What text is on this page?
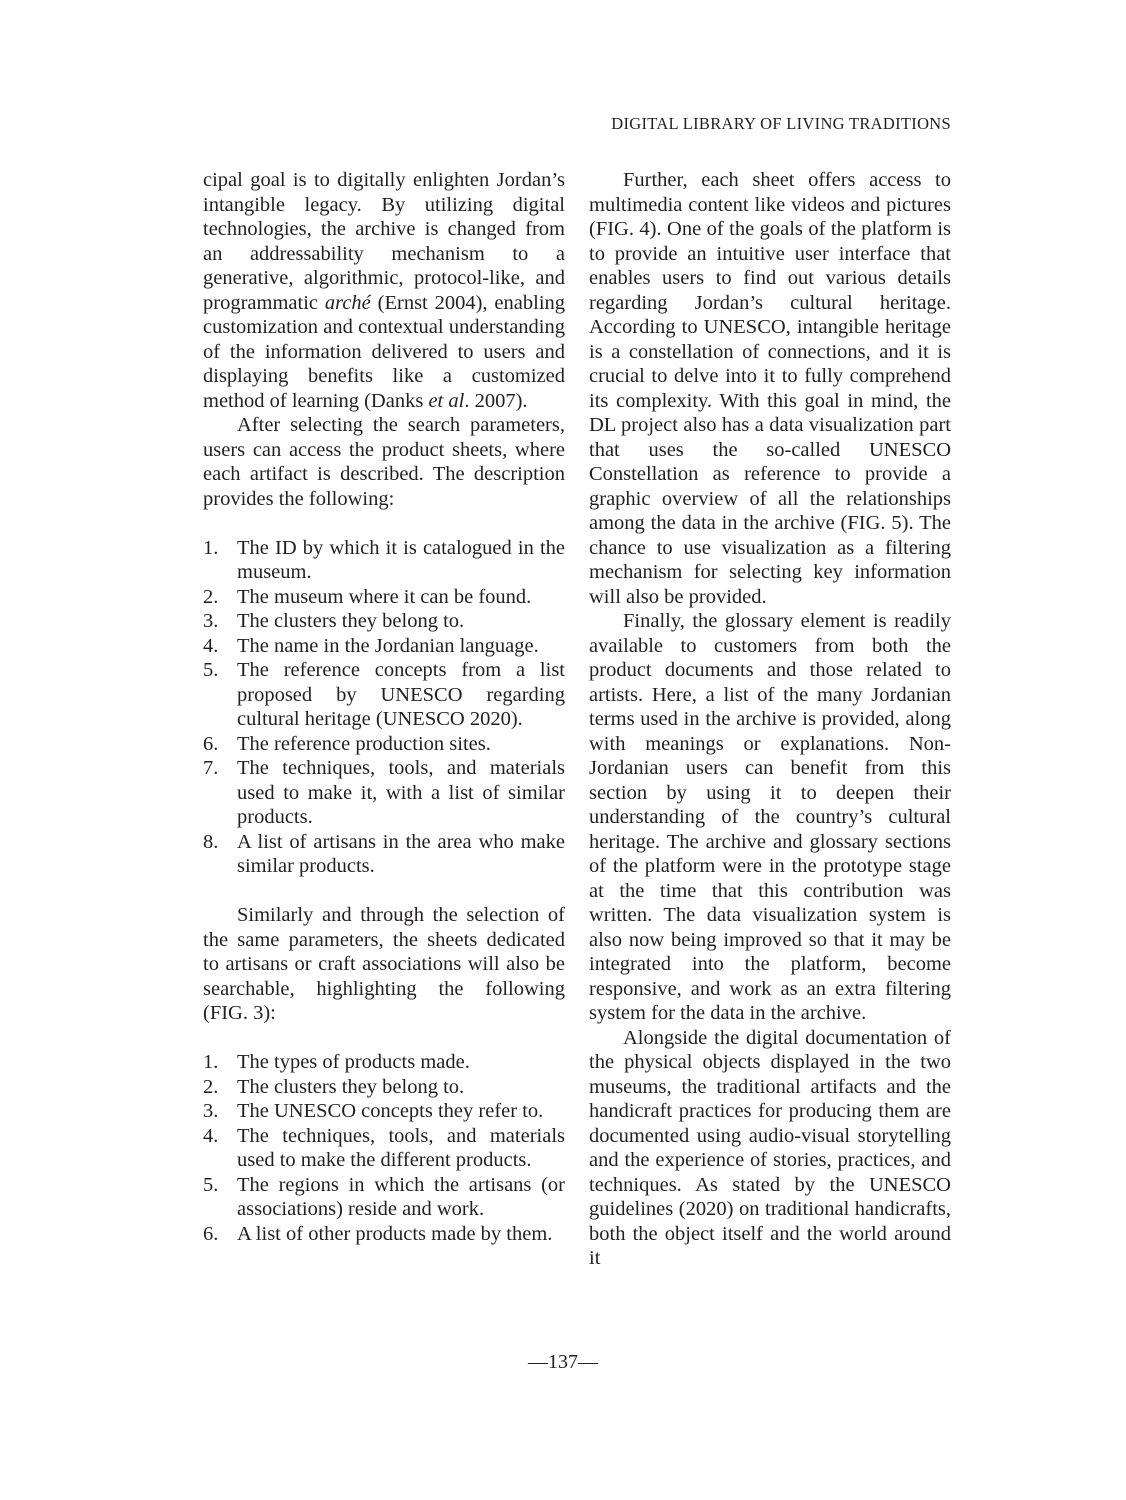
DIGITAL LIBRARY OF LIVING TRADITIONS

cipal goal is to digitally enlighten Jordan’s intangible legacy. By utilizing digital technologies, the archive is changed from an addressability mechanism to a generative, algorithmic, protocol-like, and programmatic arché (Ernst 2004), enabling customization and contextual understanding of the information delivered to users and displaying benefits like a customized method of learning (Danks et al. 2007).

After selecting the search parameters, users can access the product sheets, where each artifact is described. The description provides the following:

1. The ID by which it is catalogued in the museum.
2. The museum where it can be found.
3. The clusters they belong to.
4. The name in the Jordanian language.
5. The reference concepts from a list proposed by UNESCO regarding cultural heritage (UNESCO 2020).
6. The reference production sites.
7. The techniques, tools, and materials used to make it, with a list of similar products.
8. A list of artisans in the area who make similar products.

Similarly and through the selection of the same parameters, the sheets dedicated to artisans or craft associations will also be searchable, highlighting the following (FIG. 3):

1. The types of products made.
2. The clusters they belong to.
3. The UNESCO concepts they refer to.
4. The techniques, tools, and materials used to make the different products.
5. The regions in which the artisans (or associations) reside and work.
6. A list of other products made by them.

Further, each sheet offers access to multimedia content like videos and pictures (FIG. 4). One of the goals of the platform is to provide an intuitive user interface that enables users to find out various details regarding Jordan’s cultural heritage. According to UNESCO, intangible heritage is a constellation of connections, and it is crucial to delve into it to fully comprehend its complexity. With this goal in mind, the DL project also has a data visualization part that uses the so-called UNESCO Constellation as reference to provide a graphic overview of all the relationships among the data in the archive (FIG. 5). The chance to use visualization as a filtering mechanism for selecting key information will also be provided.

Finally, the glossary element is readily available to customers from both the product documents and those related to artists. Here, a list of the many Jordanian terms used in the archive is provided, along with meanings or explanations. Non-Jordanian users can benefit from this section by using it to deepen their understanding of the country’s cultural heritage. The archive and glossary sections of the platform were in the prototype stage at the time that this contribution was written. The data visualization system is also now being improved so that it may be integrated into the platform, become responsive, and work as an extra filtering system for the data in the archive.

Alongside the digital documentation of the physical objects displayed in the two museums, the traditional artifacts and the handicraft practices for producing them are documented using audio-visual storytelling and the experience of stories, practices, and techniques. As stated by the UNESCO guidelines (2020) on traditional handicrafts, both the object itself and the world around it

—137—
